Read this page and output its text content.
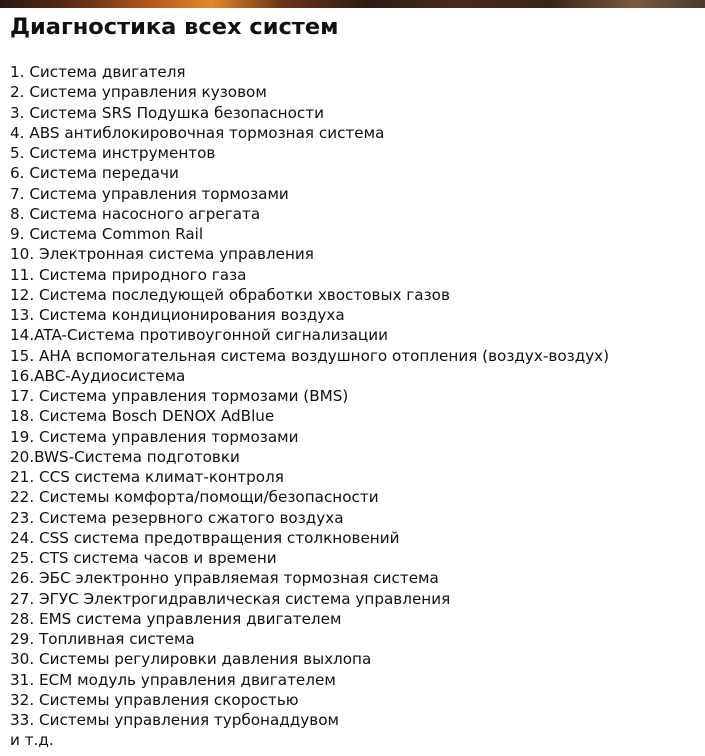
Диагностика всех систем
1. Система двигателя
2. Система управления кузовом
3. Система SRS Подушка безопасности
4. ABS антиблокировочная тормозная система
5. Система инструментов
6. Система передачи
7. Система управления тормозами
8. Система насосного агрегата
9. Система Common Rail
10. Электронная система управления
11. Система природного газа
12. Система последующей обработки хвостовых газов
13. Система кондиционирования воздуха
14.ATA-Система противоугонной сигнализации
15. AHA вспомогательная система воздушного отопления (воздух-воздух)
16.ABC-Аудиосистема
17. Система управления тормозами (BMS)
18. Система Bosch DENOX AdBlue
19. Система управления тормозами
20.BWS-Система подготовки
21. CCS система климат-контроля
22. Системы комфорта/помощи/безопасности
23. Система резервного сжатого воздуха
24. CSS система предотвращения столкновений
25. CTS система часов и времени
26. ЭБС электронно управляемая тормозная система
27. ЭГУС Электрогидравлическая система управления
28. EMS система управления двигателем
29. Топливная система
30. Системы регулировки давления выхлопа
31. ECM модуль управления двигателем
32. Системы управления скоростью
33. Системы управления турбонаддувом
и т.д.
